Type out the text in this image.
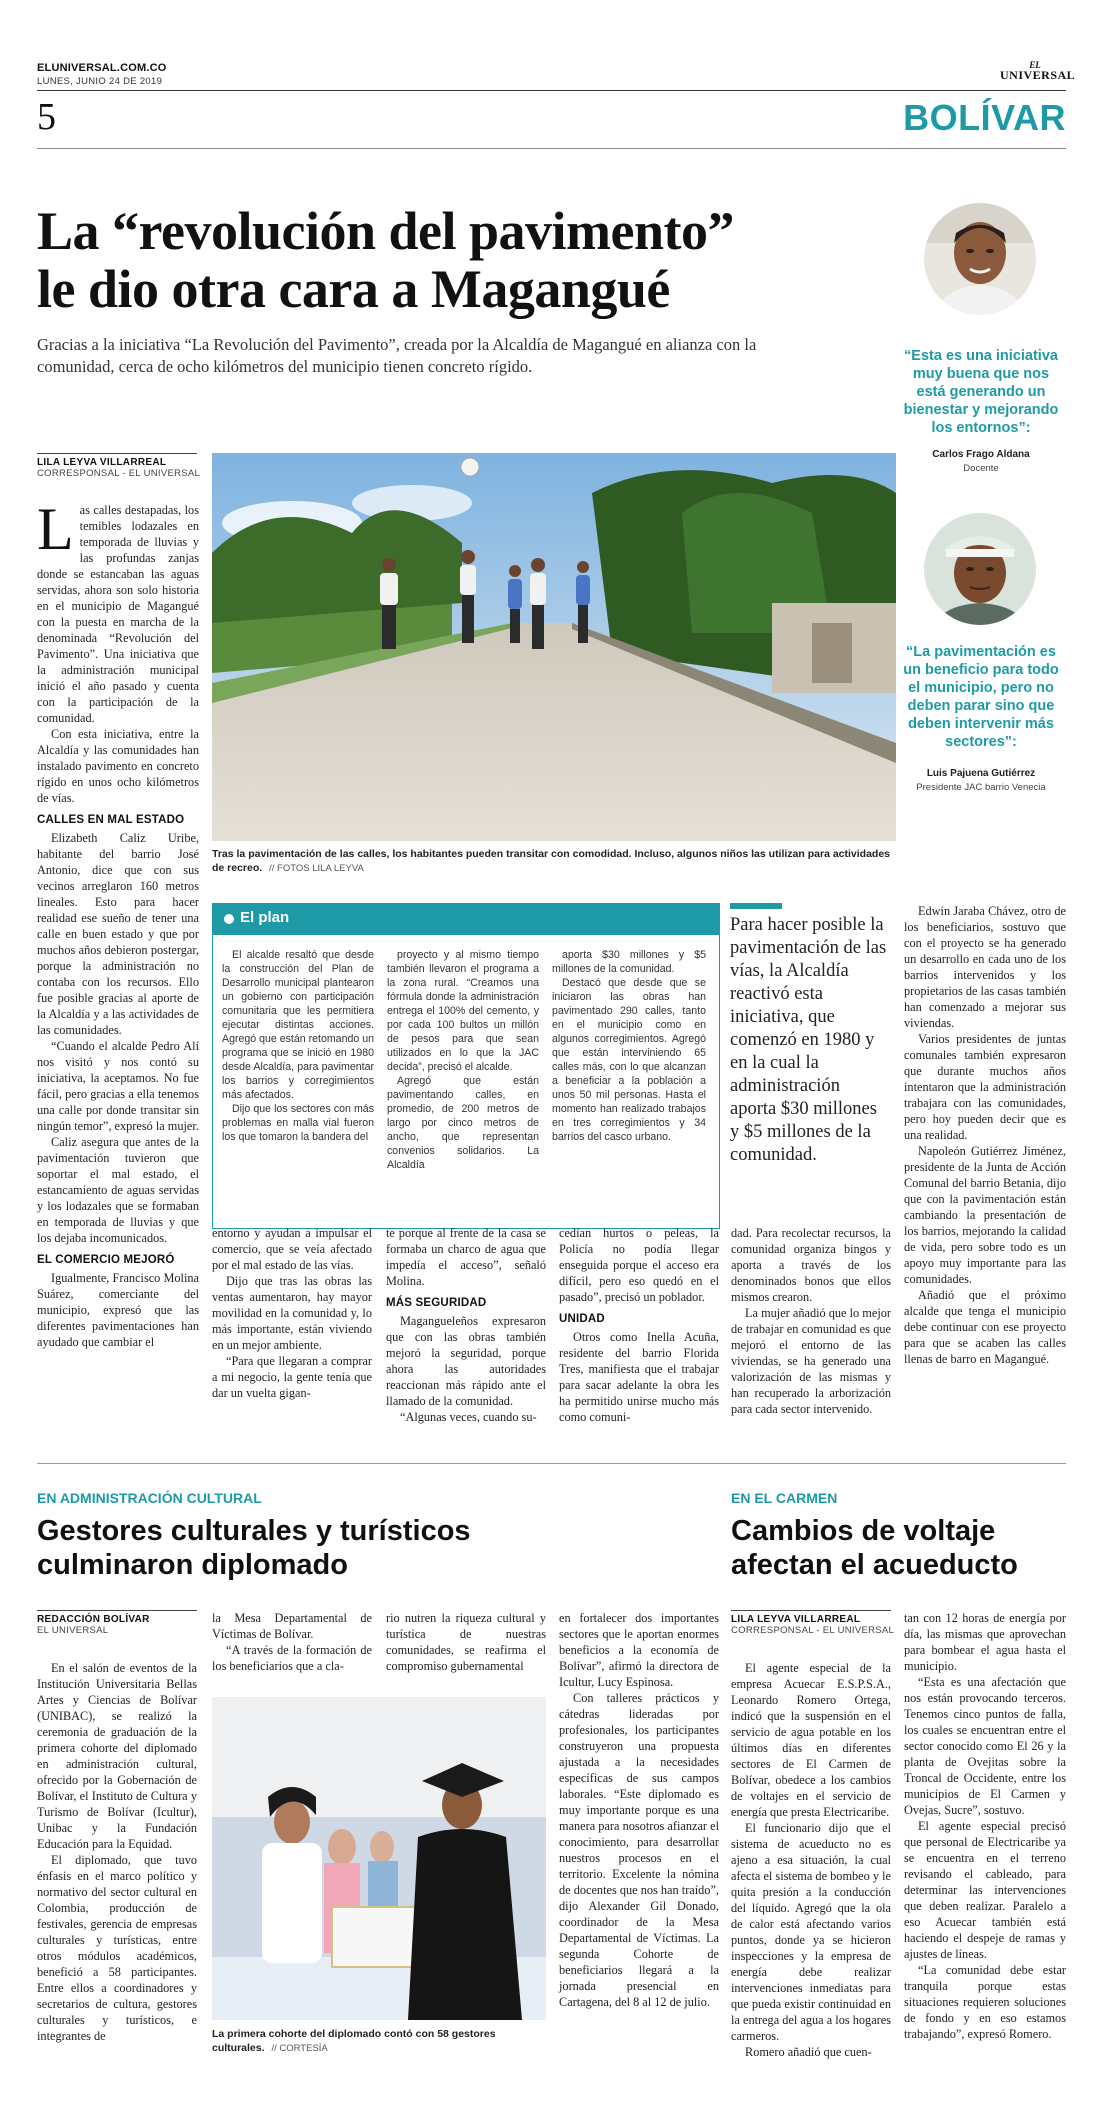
ELUNIVERSAL.COM.CO
LUNES, JUNIO 24 DE 2019
EL
UNIVERSAL
5	BOLÍVAR
La “revolución del pavimento”
le dio otra cara a Magangué
Gracias a la iniciativa “La Revolución del Pavimento”, creada por la Alcaldía de Magangué en alianza con la comunidad, cerca de ocho kilómetros del municipio tienen concreto rígido.
“Esta es una iniciativa muy buena que nos está generando un bienestar y mejorando los entornos”:
Carlos Frago Aldana
Docente
“La pavimentación es un beneficio para todo el municipio, pero no deben parar sino que deben intervenir más sectores”:
Luis Pajuena Gutiérrez
Presidente JAC barrio Venecia
LILA LEYVA VILLARREAL
CORRESPONSAL - EL UNIVERSAL

L as calles destapadas, los temibles lodazales en temporada de lluvias y las profundas zanjas donde se estancaban las aguas servidas, ahora son solo historia en el municipio de Magangué con la puesta en marcha de la denominada “Revolución del Pavimento”. Una iniciativa que la administración municipal inició el año pasado y cuenta con la participación de la comunidad.

Con esta iniciativa, entre la Alcaldía y las comunidades han instalado pavimento en concreto rígido en unos ocho kilómetros de vías.

CALLES EN MAL ESTADO

Elizabeth Caliz Uribe, habitante del barrio José Antonio, dice que con sus vecinos arreglaron 160 metros lineales. Esto para hacer realidad ese sueño de tener una calle en buen estado y que por muchos años debieron postergar, porque la administración no contaba con los recursos. Ello fue posible gracias al aporte de la Alcaldía y a las actividades de las comunidades.

“Cuando el alcalde Pedro Alí nos visitó y nos contó su iniciativa, la aceptamos. No fue fácil, pero gracias a ella tenemos una calle por donde transitar sin ningún temor”, expresó la mujer.

Caliz asegura que antes de la pavimentación tuvieron que soportar el mal estado, el estancamiento de aguas servidas y los lodazales que se formaban en temporada de lluvias y que los dejaba incomunicados.

EL COMERCIO MEJORÓ

Igualmente, Francisco Molina Suárez, comerciante del municipio, expresó que las diferentes pavimentaciones han ayudado que cambiar el

Tras la pavimentación de las calles, los habitantes pueden transitar con comodidad. Incluso, algunos niños las utilizan para actividades de recreo. // FOTOS LILA LEYVA
El plan

El alcalde resaltó que desde la construcción del Plan de Desarrollo municipal plantearon un gobierno con participación comunitaria que les permitiera ejecutar distintas acciones. Agregó que están retomando un programa que se inició en 1980 desde Alcaldía, para pavimentar los barrios y corregimientos más afectados.

Dijo que los sectores con más problemas en malla vial fueron los que tomaron la bandera del

proyecto y al mismo tiempo también llevaron el programa a la zona rural. “Creamos una fórmula donde la administración entrega el 100% del cemento, y por cada 100 bultos un millón de pesos para que sean utilizados en lo que la JAC decida”, precisó el alcalde.

Agregó que están pavimentando calles, en promedio, de 200 metros de largo por cinco metros de ancho, que representan convenios solidarios. La Alcaldía

aporta $30 millones y $5 millones de la comunidad.

Destacó que desde que se iniciaron las obras han pavimentado 290 calles, tanto en el municipio como en algunos corregimientos. Agregó que están interviniendo 65 calles más, con lo que alcanzan a beneficiar a la población a unos 50 mil personas. Hasta el momento han realizado trabajos en tres corregimientos y 34 barrios del casco urbano.

Para hacer posible la pavimentación de las vías, la Alcaldía reactivó esta iniciativa, que comenzó en 1980 y en la cual la administración aporta $30 millones y $5 millones de la comunidad.

entorno y ayudan a impulsar el comercio, que se veía afectado por el mal estado de las vías.

Dijo que tras las obras las ventas aumentaron, hay mayor movilidad en la comunidad y, lo más importante, están viviendo en un mejor ambiente.

“Para que llegaran a comprar a mi negocio, la gente tenía que dar un vuelta gigan-

te porque al frente de la casa se formaba un charco de agua que impedía el acceso”, señaló Molina.

MÁS SEGURIDAD

Maganguelеños expresaron que con las obras también mejoró la seguridad, porque ahora las autoridades reaccionan más rápido ante el llamado de la comunidad.

“Algunas veces, cuando su-

cedían hurtos o peleas, la Policía no podía llegar enseguida porque el acceso era difícil, pero eso quedó en el pasado”, precisó un poblador.

UNIDAD

Otros como Inella Acuña, residente del barrio Florida Tres, manifiesta que el trabajar para sacar adelante la obra les ha permitido unirse mucho más como comuni-

dad. Para recolectar recursos, la comunidad organiza bingos y aporta a través de los denominados bonos que ellos mismos crearon.

La mujer añadió que lo mejor de trabajar en comunidad es que mejoró el entorno de las viviendas, se ha generado una valorización de las mismas y han recuperado la arborización para cada sector intervenido.

Edwin Jaraba Chávez, otro de los beneficiarios, sostuvo que con el proyecto se ha generado un desarrollo en cada uno de los barrios intervenidos y los propietarios de las casas también han comenzado a mejorar sus viviendas.

Varios presidentes de juntas comunales también expresaron que durante muchos años intentaron que la administración trabajara con las comunidades, pero hoy pueden decir que es una realidad.

Napoleón Gutiérrez Jiménez, presidente de la Junta de Acción Comunal del barrio Betania, dijo que con la pavimentación están cambiando la presentación de los barrios, mejorando la calidad de vida, pero sobre todo es un apoyo muy importante para las comunidades.

Añadió que el próximo alcalde que tenga el municipio debe continuar con ese proyecto para que se acaben las calles llenas de barro en Magangué.

EN ADMINISTRACIÓN CULTURAL
Gestores culturales y turísticos
culminaron diplomado
REDACCIÓN BOLÍVAR
EL UNIVERSAL

En el salón de eventos de la Institución Universitaria Bellas Artes y Ciencias de Bolívar (UNIBAC), se realizó la ceremonia de graduación de la primera cohorte del diplomado en administración cultural, ofrecido por la Gobernación de Bolívar, el Instituto de Cultura y Turismo de Bolívar (Icultur), Unibac y la Fundación Educación para la Equidad.

El diplomado, que tuvo énfasis en el marco político y normativo del sector cultural en Colombia, producción de festivales, gerencia de empresas culturales y turísticas, entre otros módulos académicos, benefició a 58 participantes. Entre ellos a coordinadores y secretarios de cultura, gestores culturales y turísticos, e integrantes de

la Mesa Departamental de Víctimas de Bolívar.

“A través de la formación de los beneficiarios que a cla-

rio nutren la riqueza cultural y turística de nuestras comunidades, se reafirma el compromiso gubernamental

La primera cohorte del diplomado contó con 58 gestores culturales. // CORTESÍA

en fortalecer dos importantes sectores que le aportan enormes beneficios a la economía de Bolívar”, afirmó la directora de Icultur, Lucy Espinosa.

Con talleres prácticos y cátedras lideradas por profesionales, los participantes construyeron una propuesta ajustada a la necesidades específicas de sus campos laborales. “Este diplomado es muy importante porque es una manera para nosotros afianzar el conocimiento, para desarrollar nuestros procesos en el territorio. Excelente la nómina de docentes que nos han traído”, dijo Alexander Gil Donado, coordinador de la Mesa Departamental de Víctimas. La segunda Cohorte de beneficiarios llegará a la jornada presencial en Cartagena, del 8 al 12 de julio.

EN EL CARMEN
Cambios de voltaje
afectan el acueducto
LILA LEYVA VILLARREAL
CORRESPONSAL - EL UNIVERSAL

El agente especial de la empresa Acuecar E.S.P.S.A., Leonardo Romero Ortega, indicó que la suspensión en el servicio de agua potable en los últimos días en diferentes sectores de El Carmen de Bolívar, obedece a los cambios de voltajes en el servicio de energía que presta Electricaribe.

El funcionario dijo que el sistema de acueducto no es ajeno a esa situación, la cual afecta el sistema de bombeo y le quita presión a la conducción del líquido. Agregó que la ola de calor está afectando varios puntos, donde ya se hicieron inspecciones y la empresa de energía debe realizar intervenciones inmediatas para que pueda existir continuidad en la entrega del agua a los hogares carmeros.

Romero añadió que cuen-

tan con 12 horas de energía por día, las mismas que aprovechan para bombear el agua hasta el municipio.

“Esta es una afectación que nos están provocando terceros. Tenemos cinco puntos de falla, los cuales se encuentran entre el sector conocido como El 26 y la planta de Ovejitas sobre la Troncal de Occidente, entre los municipios de El Carmen y Ovejas, Sucre”, sostuvo.

El agente especial precisó que personal de Electricaribe ya se encuentra en el terreno revisando el cableado, para determinar las intervenciones que deben realizar. Paralelo a eso Acuecar también está haciendo el despeje de ramas y ajustes de líneas.

“La comunidad debe estar tranquila porque estas situaciones requieren soluciones de fondo y en eso estamos trabajando”, expresó Romero.
